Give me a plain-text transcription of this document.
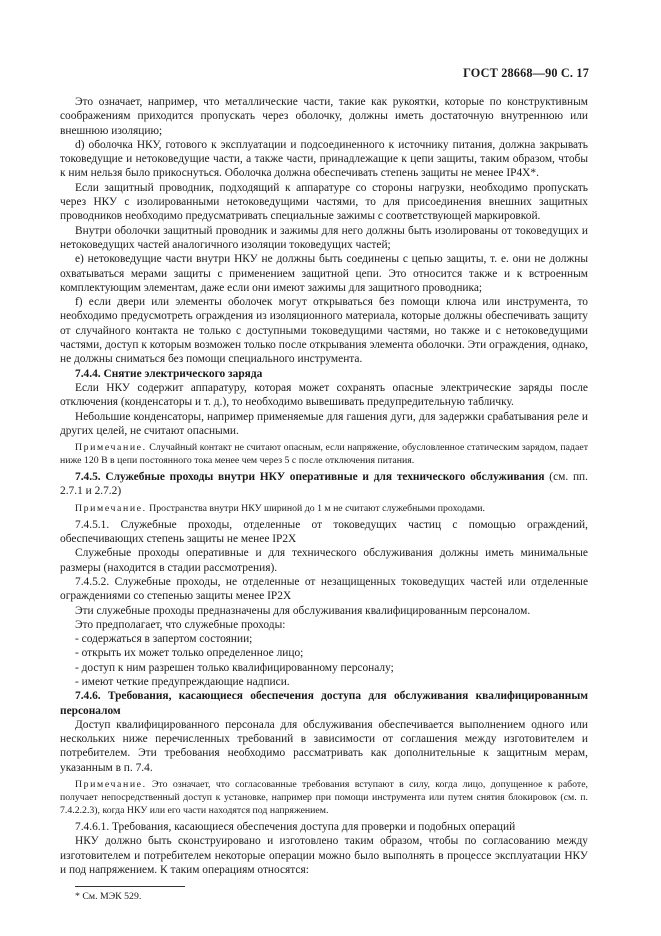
ГОСТ 28668—90 С. 17

Это означает, например, что металлические части, такие как рукоятки, которые по конструктивным соображениям приходится пропускать через оболочку, должны иметь достаточную внутреннюю или внешнюю изоляцию;

d) оболочка НКУ, готового к эксплуатации и подсоединенного к источнику питания, должна закрывать токоведущие и нетоковедущие части, а также части, принадлежащие к цепи защиты, таким образом, чтобы к ним нельзя было прикоснуться. Оболочка должна обеспечивать степень защиты не менее IP4X*.

Если защитный проводник, подходящий к аппаратуре со стороны нагрузки, необходимо пропускать через НКУ с изолированными нетоковедущими частями, то для присоединения внешних защитных проводников необходимо предусматривать специальные зажимы с соответствующей маркировкой.

Внутри оболочки защитный проводник и зажимы для него должны быть изолированы от токоведущих и нетоковедущих частей аналогичного изоляции токоведущих частей;

e) нетоковедущие части внутри НКУ не должны быть соединены с цепью защиты, т. е. они не должны охватываться мерами защиты с применением защитной цепи. Это относится также и к встроенным комплектующим элементам, даже если они имеют зажимы для защитного проводника;

f) если двери или элементы оболочек могут открываться без помощи ключа или инструмента, то необходимо предусмотреть ограждения из изоляционного материала, которые должны обеспечивать защиту от случайного контакта не только с доступными токоведущими частями, но также и с нетоковедущими частями, доступ к которым возможен только после открывания элемента оболочки. Эти ограждения, однако, не должны сниматься без помощи специального инструмента.

7.4.4. Снятие электрического заряда

Если НКУ содержит аппаратуру, которая может сохранять опасные электрические заряды после отключения (конденсаторы и т. д.), то необходимо вывешивать предупредительную табличку.

Небольшие конденсаторы, например применяемые для гашения дуги, для задержки срабатывания реле и других целей, не считают опасными.

Примечание. Случайный контакт не считают опасным, если напряжение, обусловленное статическим зарядом, падает ниже 120 В в цепи постоянного тока менее чем через 5 с после отключения питания.

7.4.5. Служебные проходы внутри НКУ оперативные и для технического обслуживания (см. пп. 2.7.1 и 2.7.2)

Примечание. Пространства внутри НКУ шириной до 1 м не считают служебными проходами.

7.4.5.1. Служебные проходы, отделенные от токоведущих частиц с помощью ограждений, обеспечивающих степень защиты не менее IP2X

Служебные проходы оперативные и для технического обслуживания должны иметь минимальные размеры (находится в стадии рассмотрения).

7.4.5.2. Служебные проходы, не отделенные от незащищенных токоведущих частей или отделенные ограждениями со степенью защиты менее IP2X

Эти служебные проходы предназначены для обслуживания квалифицированным персоналом.

Это предполагает, что служебные проходы:

- содержаться в запертом состоянии;

- открыть их может только определенное лицо;

- доступ к ним разрешен только квалифицированному персоналу;

- имеют четкие предупреждающие надписи.

7.4.6. Требования, касающиеся обеспечения доступа для обслуживания квалифицированным персоналом

Доступ квалифицированного персонала для обслуживания обеспечивается выполнением одного или нескольких ниже перечисленных требований в зависимости от соглашения между изготовителем и потребителем. Эти требования необходимо рассматривать как дополнительные к защитным мерам, указанным в п. 7.4.

Примечание. Это означает, что согласованные требования вступают в силу, когда лицо, допущенное к работе, получает непосредственный доступ к установке, например при помощи инструмента или путем снятия блокировок (см. п. 7.4.2.2.3), когда НКУ или его части находятся под напряжением.

7.4.6.1. Требования, касающиеся обеспечения доступа для проверки и подобных операций

НКУ должно быть сконструировано и изготовлено таким образом, чтобы по согласованию между изготовителем и потребителем некоторые операции можно было выполнять в процессе эксплуатации НКУ и под напряжением. К таким операциям относятся:

* См. МЭК 529.
